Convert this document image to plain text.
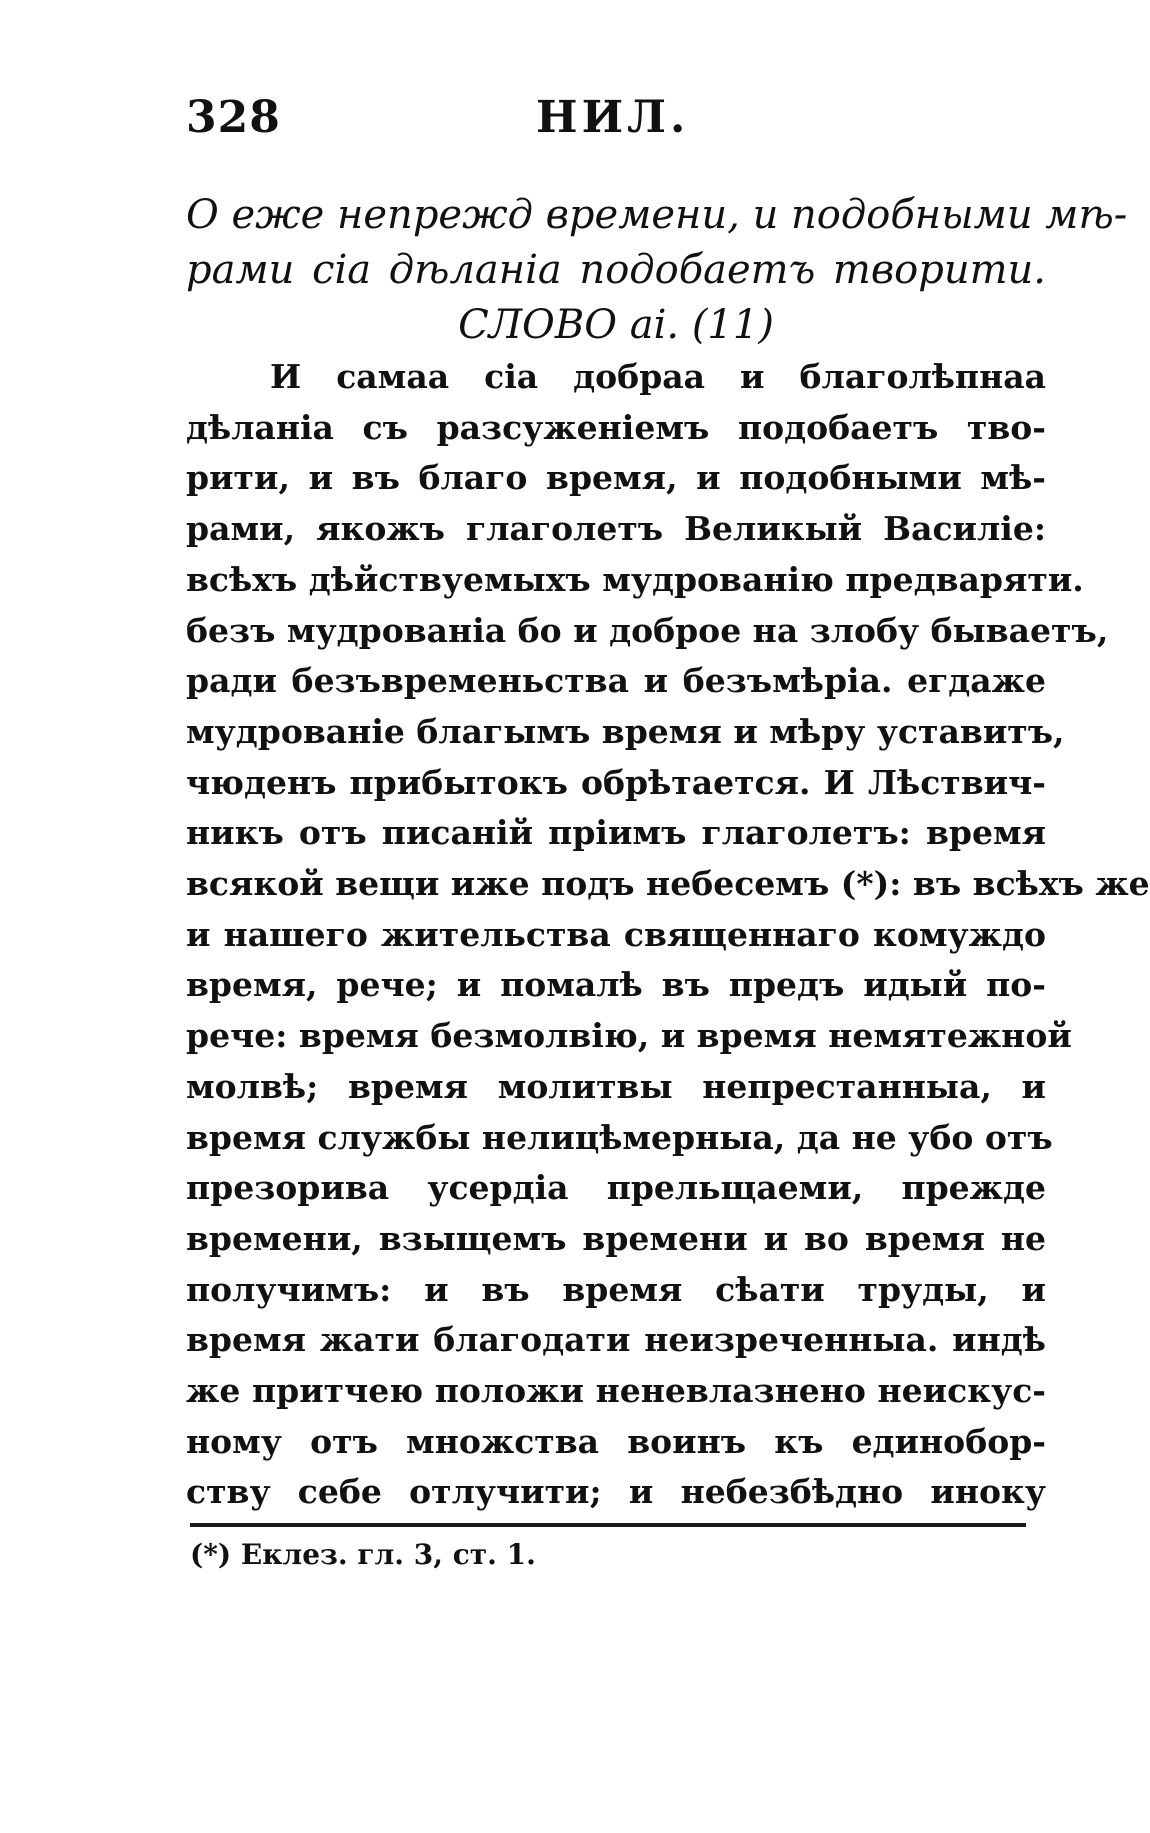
328	НИЛ.
О еже непрежд времени, и подобными мѣ-
рами сіа дѣланіа подобаетъ творити.
СЛОВО аі. (11)
И самаа сіа добраа и благолѣпнаа
дѣланіа съ разсуженіемъ подобаетъ тво-
рити, и въ благо время, и подобными мѣ-
рами, якожъ глаголетъ Великый Василіе:
всѣхъ дѣйствуемыхъ мудрованію предваряти.
безъ мудрованіа бо и доброе на злобу бываетъ,
ради безъвременьства и безъмѣріа. егдаже
мудрованіе благымъ время и мѣру уставитъ,
чюденъ прибытокъ обрѣтается. И Лѣствич-
никъ отъ писаній пріимъ глаголетъ: время
всякой вещи иже подъ небесемъ (*): въ всѣхъ же
и нашего жительства священнаго комуждо
время, рече; и помалѣ въ предъ идый по-
рече: время безмолвію, и время немятежной
молвѣ; время молитвы непрестанныа, и
время службы нелицѣмерныа, да не убо отъ
презорива усердіа прельщаеми, прежде
времени, взыщемъ времени и во время не
получимъ: и въ время сѣати труды, и
время жати благодати неизреченныа. индѣ
же притчею положи неневлазнено неискус-
ному отъ множства воинъ къ единобор-
ству себе отлучити; и небезбѣдно иноку
(*) Еклез. гл. 3, ст. 1.
